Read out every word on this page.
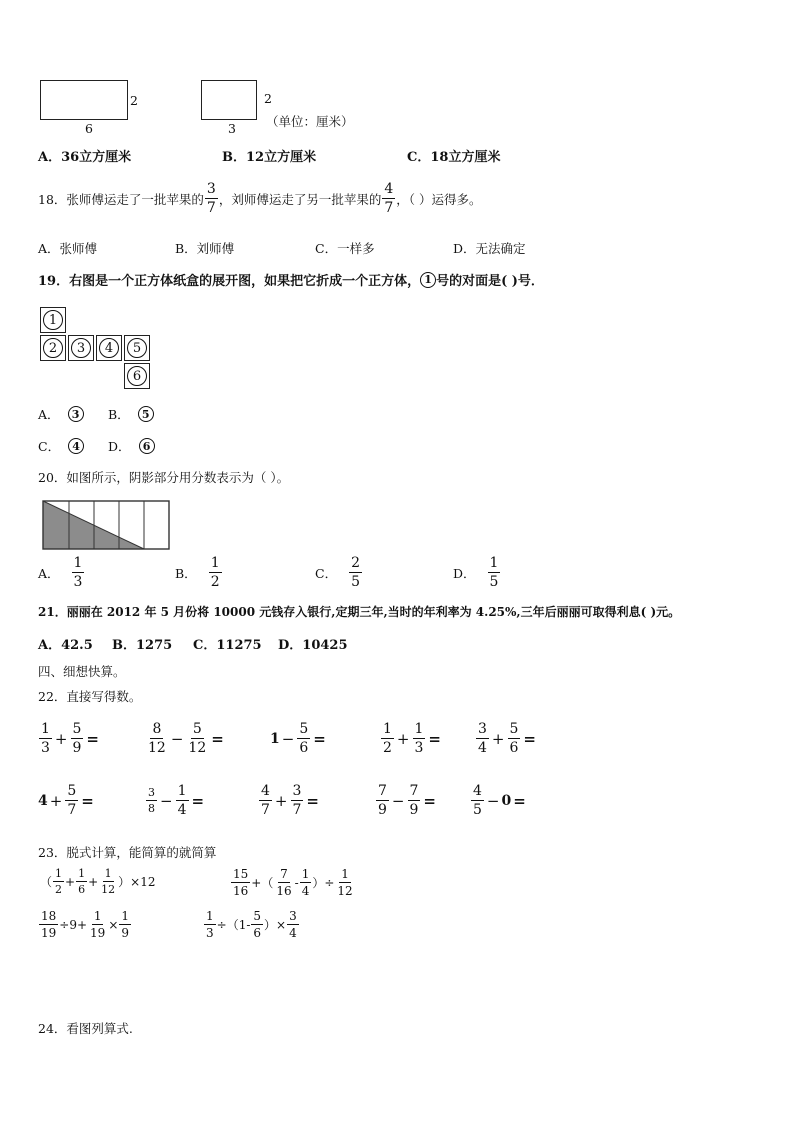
2
6
2
3 （单位：厘米）
A．36立方厘米	B．12立方厘米	C．18立方厘米
18．张师傅运走了一批苹果的 $\frac{3}{7}$ ，刘师傅运走了另一批苹果的 $\frac{4}{7}$ ，（ ）运得多。
A．张师傅	B．刘师傅	C．一样多	D．无法确定
19．右图是一个正方体纸盒的展开图，如果把它折成一个正方体， 1 号的对面是( )号．
1
2	3	4	5
6
A．	3	B．	5
C．	4	D．	6
20．如图所示，阴影部分用分数表示为（ ）。
A． $\frac{1}{3}$	B． $\frac{1}{2}$	C． $\frac{2}{5}$	D． $\frac{1}{5}$
21．丽丽在 2012 年 5 月份将 10000 元钱存入银行,定期三年,当时的年利率为 4.25%,三年后丽丽可取得利息( )元。
A．42.5 B．1275 C．11275 D．10425
四、细想快算。
22．直接写得数。
$\frac{1}{3} + \frac{5}{9}$ =	$\frac{8}{12} - \frac{5}{12}$ =	$1 - \frac{5}{6}$ =	$\frac{1}{2} + \frac{1}{3}$ =	$\frac{3}{4} + \frac{5}{6}$ =
$4 + \frac{5}{7}$ =	$\frac{3}{8} - \frac{1}{4}$ =	$\frac{4}{7} + \frac{3}{7}$ =	$\frac{7}{9} - \frac{7}{9}$ =	$\frac{4}{5} - 0$ =
23．脱式计算，能简算的就简算
（ $\frac{1}{2} + \frac{1}{6} + \frac{1}{12} )\times 12$	$\frac{15}{16}$ +（ $\frac{7}{16} - \frac{1}{4}$ ）÷ $\frac{1}{12}$
$\frac{18}{19} \div 9+ \frac{1}{19} \times \frac{1}{9}$	$\frac{1}{3} \div(1- \frac{5}{6}$ ）× $\frac{3}{4}$
24．看图列算式.
